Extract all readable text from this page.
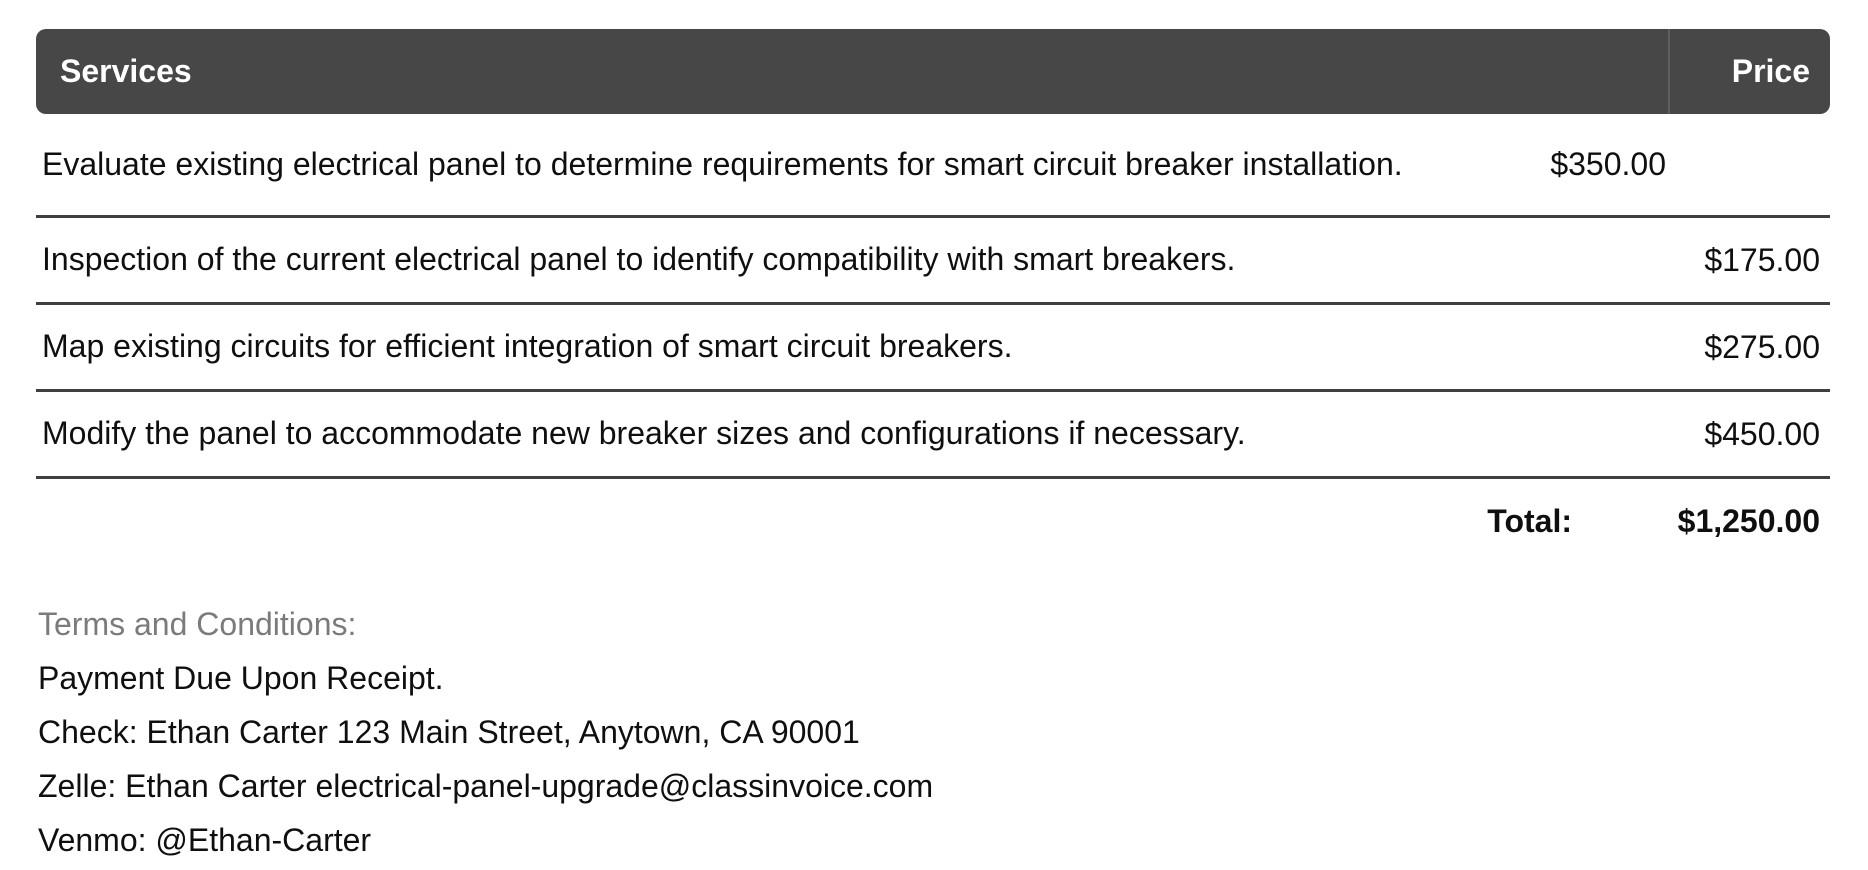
Services	Price
Evaluate existing electrical panel to determine requirements for smart circuit breaker installation.	$350.00
Inspection of the current electrical panel to identify compatibility with smart breakers.	$175.00
Map existing circuits for efficient integration of smart circuit breakers.	$275.00
Modify the panel to accommodate new breaker sizes and configurations if necessary.	$450.00
Total:	$1,250.00
Terms and Conditions:
Payment Due Upon Receipt.
Check: Ethan Carter 123 Main Street, Anytown, CA 90001
Zelle: Ethan Carter electrical-panel-upgrade@classinvoice.com
Venmo: @Ethan-Carter
